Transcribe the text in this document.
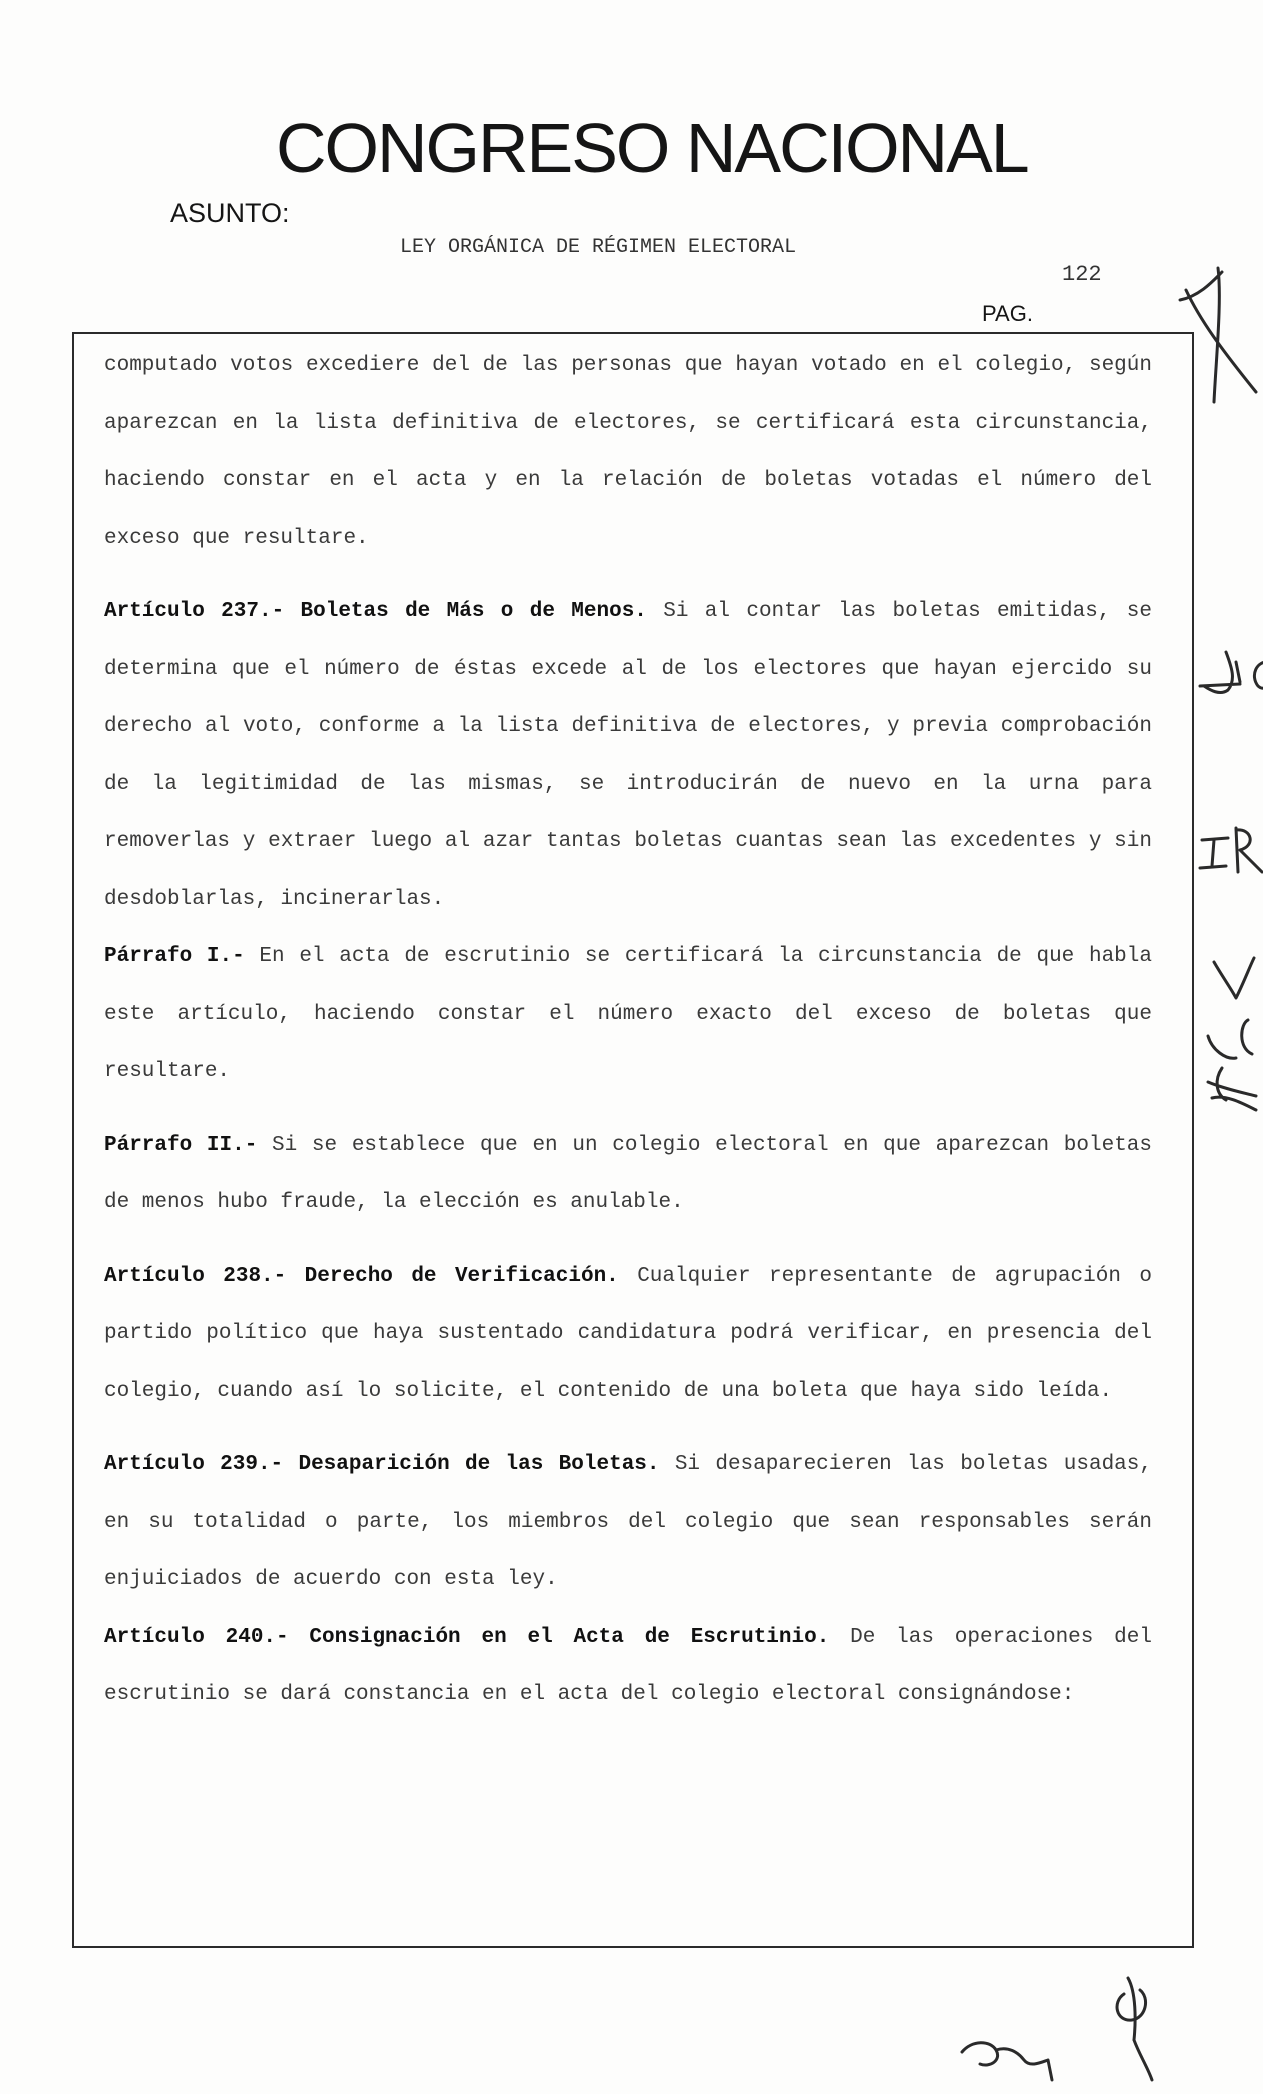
CONGRESO NACIONAL
ASUNTO:
LEY ORGÁNICA DE RÉGIMEN ELECTORAL
122
PAG.

computado votos excediere del de las personas que hayan votado en el colegio, según aparezcan en la lista definitiva de electores, se certificará esta circunstancia, haciendo constar en el acta y en la relación de boletas votadas el número del exceso que resultare.

Artículo 237.- Boletas de Más o de Menos. Si al contar las boletas emitidas, se determina que el número de éstas excede al de los electores que hayan ejercido su derecho al voto, conforme a la lista definitiva de electores, y previa comprobación de la legitimidad de las mismas, se introducirán de nuevo en la urna para removerlas y extraer luego al azar tantas boletas cuantas sean las excedentes y sin desdoblarlas, incinerarlas.

Párrafo I.- En el acta de escrutinio se certificará la circunstancia de que habla este artículo, haciendo constar el número exacto del exceso de boletas que resultare.

Párrafo II.- Si se establece que en un colegio electoral en que aparezcan boletas de menos hubo fraude, la elección es anulable.

Artículo 238.- Derecho de Verificación. Cualquier representante de agrupación o partido político que haya sustentado candidatura podrá verificar, en presencia del colegio, cuando así lo solicite, el contenido de una boleta que haya sido leída.

Artículo 239.- Desaparición de las Boletas. Si desaparecieren las boletas usadas, en su totalidad o parte, los miembros del colegio que sean responsables serán enjuiciados de acuerdo con esta ley.

Artículo 240.- Consignación en el Acta de Escrutinio. De las operaciones del escrutinio se dará constancia en el acta del colegio electoral consignándose:
